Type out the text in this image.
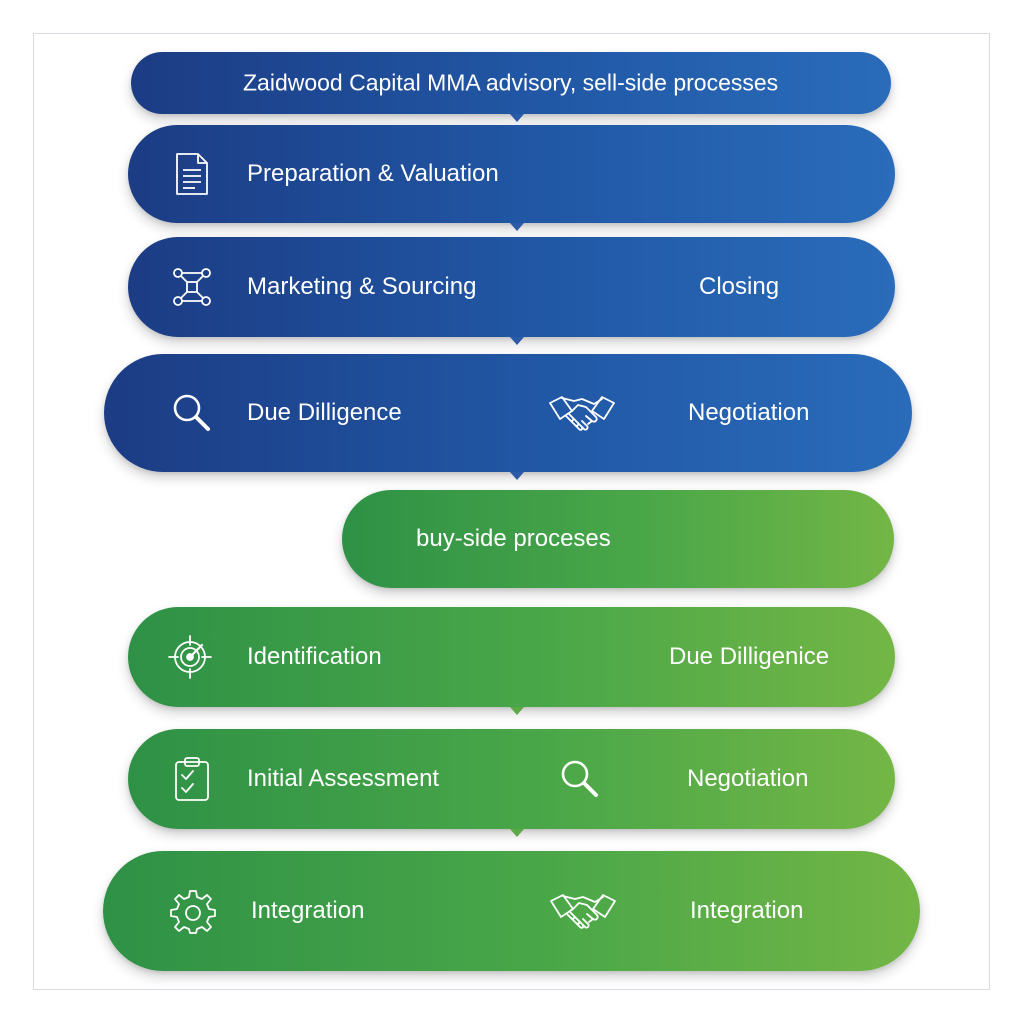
Zaidwood Capital MMA advisory, sell-side processes
Preparation & Valuation
Marketing & Sourcing	Closing
Due Dilligence	Negotiation
buy-side proceses
Identification	Due Dilligenice
Initial Assessment	Negotiation
Integration	Integration
